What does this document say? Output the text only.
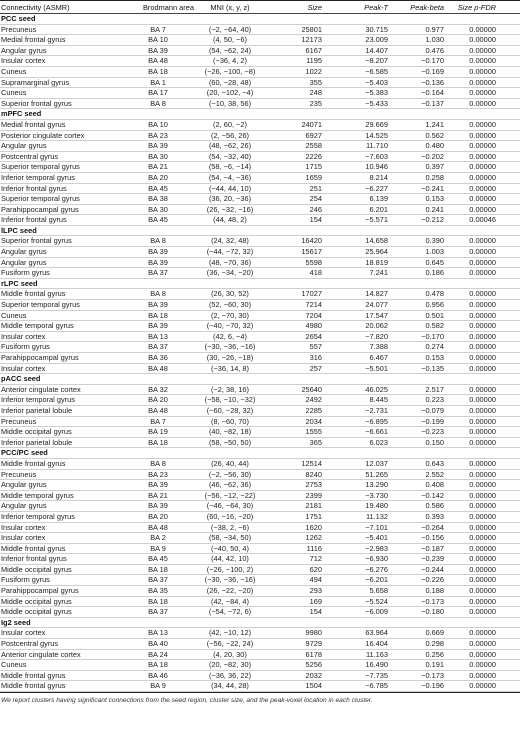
Connectivity (ASMR)	Brodmann area	MNI (x, y, z)	Size	Peak-T	Peak-beta	Size p-FDR
PCC seed
Precuneus	BA 7	(−2, −64, 40)	25801	30.715	0.977	0.00000
Medial frontal gyrus	BA 10	(4, 50, −6)	12173	23.009	1.030	0.00000
Angular gyrus	BA 39	(54, −62, 24)	6167	14.407	0.476	0.00000
Insular cortex	BA 48	(−36, 4, 2)	1195	−8.207	−0.170	0.00000
Cuneus	BA 18	(−26, −100, −8)	1022	−6.585	−0.169	0.00000
Supramarginal gyrus	BA 1	(60, −28, 48)	355	−5.403	−0.136	0.00000
Cuneus	BA 17	(20, −102, −4)	248	−5.383	−0.164	0.00000
Superior frontal gyrus	BA 8	(−10, 38, 56)	235	−5.433	−0.137	0.00000
mPFC seed
Medial frontal gyrus	BA 10	(2, 60, −2)	24071	29.669	1.241	0.00000
Posterior cingulate cortex	BA 23	(2, −56, 26)	6927	14.525	0.562	0.00000
Angular gyrus	BA 39	(48, −62, 26)	2558	11.710	0.480	0.00000
Postcentral gyrus	BA 30	(54, −32, 40)	2226	−7.603	−0.202	0.00000
Superior temporal gyrus	BA 21	(58, −6, −14)	1715	10.946	0.397	0.00000
Inferior temporal gyrus	BA 20	(54, −4, −36)	1659	8.214	0.258	0.00000
Inferior frontal gyrus	BA 45	(−44, 44, 10)	251	−6.227	−0.241	0.00000
Superior temporal gyrus	BA 38	(36, 20, −36)	254	6.139	0.153	0.00000
Parahippocampal gyrus	BA 30	(26, −32, −16)	246	6.201	0.241	0.00000
Inferior frontal gyrus	BA 45	(44, 48, 2)	154	−5.571	−0.212	0.00046
lLPC seed
Superior frontal gyrus	BA 8	(24, 32, 48)	16420	14.658	0.390	0.00000
Angular gyrus	BA 39	(−44, −72, 32)	15617	25.964	1.003	0.00000
Angular gyrus	BA 39	(48, −70, 36)	5598	18.819	0.645	0.00000
Fusiform gyrus	BA 37	(36, −34, −20)	418	7.241	0.186	0.00000
rLPC seed
Middle frontal gyrus	BA 8	(26, 30, 52)	17027	14.827	0.478	0.00000
Superior temporal gyrus	BA 39	(52, −60, 30)	7214	24.077	0.956	0.00000
Cuneus	BA 18	(2, −70, 30)	7204	17.547	0.501	0.00000
Middle temporal gyrus	BA 39	(−40, −70, 32)	4980	20.062	0.582	0.00000
Insular cortex	BA 13	(42, 6, −4)	2654	−7.820	−0.170	0.00000
Fusiform gyrus	BA 37	(−30, −36, −16)	557	7.388	0.274	0.00000
Parahippocampal gyrus	BA 36	(30, −26, −18)	316	6.467	0.153	0.00000
Insular cortex	BA 48	(−36, 14, 8)	257	−5.501	−0.135	0.00000
pACC seed
Anterior cingulate cortex	BA 32	(−2, 38, 16)	25640	46.025	2.517	0.00000
Inferior temporal gyrus	BA 20	(−58, −10, −32)	2492	8.445	0.223	0.00000
Inferior parietal lobule	BA 48	(−60, −28, 32)	2285	−2.731	−0.079	0.00000
Precuneus	BA 7	(8, −60, 70)	2034	−6.895	−0.199	0.00000
Middle occipital gyrus	BA 19	(40, −82, 18)	1555	−6.661	−0.223	0.00000
Inferior parietal lobule	BA 18	(58, −50, 50)	365	6.023	0.150	0.00000
PCC/PC seed
Middle frontal gyrus	BA 8	(26, 40, 44)	12514	12.037	0.643	0.00000
Precuneus	BA 23	(−2, −56, 30)	8240	51.265	2.552	0.00000
Angular gyrus	BA 39	(46, −62, 36)	2753	13.290	0.408	0.00000
Middle temporal gyrus	BA 21	(−56, −12, −22)	2399	−3.730	−0.142	0.00000
Angular gyrus	BA 39	(−46, −64, 30)	2181	19.480	0.586	0.00000
Inferior temporal gyrus	BA 20	(60, −16, −20)	1751	11.132	0.393	0.00000
Insular cortex	BA 48	(−38, 2, −6)	1620	−7.101	−0.264	0.00000
Insular cortex	BA 2	(58, −34, 50)	1262	−5.401	−0.156	0.00000
Middle frontal gyrus	BA 9	(−40, 50, 4)	1116	−2.983	−0.187	0.00000
Inferior frontal gyrus	BA 45	(44, 42, 10)	712	−6.930	−0.239	0.00000
Middle occipital gyrus	BA 18	(−26, −100, 2)	620	−6.276	−0.244	0.00000
Fusiform gyrus	BA 37	(−30, −36, −16)	494	−6.201	−0.226	0.00000
Parahippocampal gyrus	BA 35	(26, −22, −20)	293	5.658	0.188	0.00000
Middle occipital gyrus	BA 18	(42, −84, 4)	169	−5.524	−0.173	0.00000
Middle occipital gyrus	BA 37	(−54, −72, 6)	154	−6.009	−0.180	0.00000
Ig2 seed
Insular cortex	BA 13	(42, −10, 12)	9980	63.964	0.669	0.00000
Postcentral gyrus	BA 40	(−56, −22, 24)	9729	16.404	0.298	0.00000
Anterior cingulate cortex	BA 24	(4, 20, 30)	6178	11.163	0.256	0.00000
Cuneus	BA 18	(20, −82, 30)	5256	16.490	0.191	0.00000
Middle frontal gyrus	BA 46	(−36, 36, 22)	2032	−7.735	−0.173	0.00000
Middle frontal gyrus	BA 9	(34, 44, 28)	1504	−6.785	−0.196	0.00000
We report clusters having significant connections from the seed region, cluster size, and the peak-voxel location in each cluster.
